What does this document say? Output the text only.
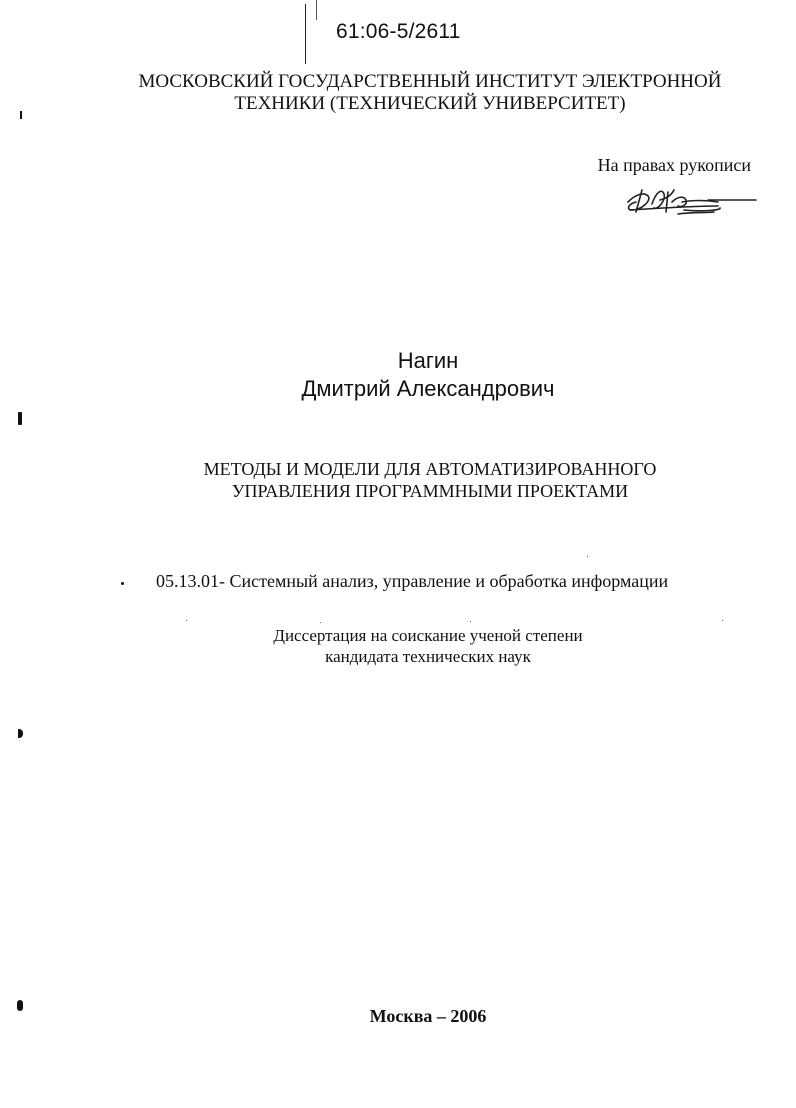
61:06-5/2611
МОСКОВСКИЙ ГОСУДАРСТВЕННЫЙ ИНСТИТУТ ЭЛЕКТРОННОЙ
ТЕХНИКИ (ТЕХНИЧЕСКИЙ УНИВЕРСИТЕТ)
На правах рукописи
Нагин
Дмитрий Александрович
МЕТОДЫ И МОДЕЛИ ДЛЯ АВТОМАТИЗИРОВАННОГО
УПРАВЛЕНИЯ ПРОГРАММНЫМИ ПРОЕКТАМИ
05.13.01- Системный анализ, управление и обработка информации
Диссертация на соискание ученой степени
кандидата технических наук
Москва – 2006
